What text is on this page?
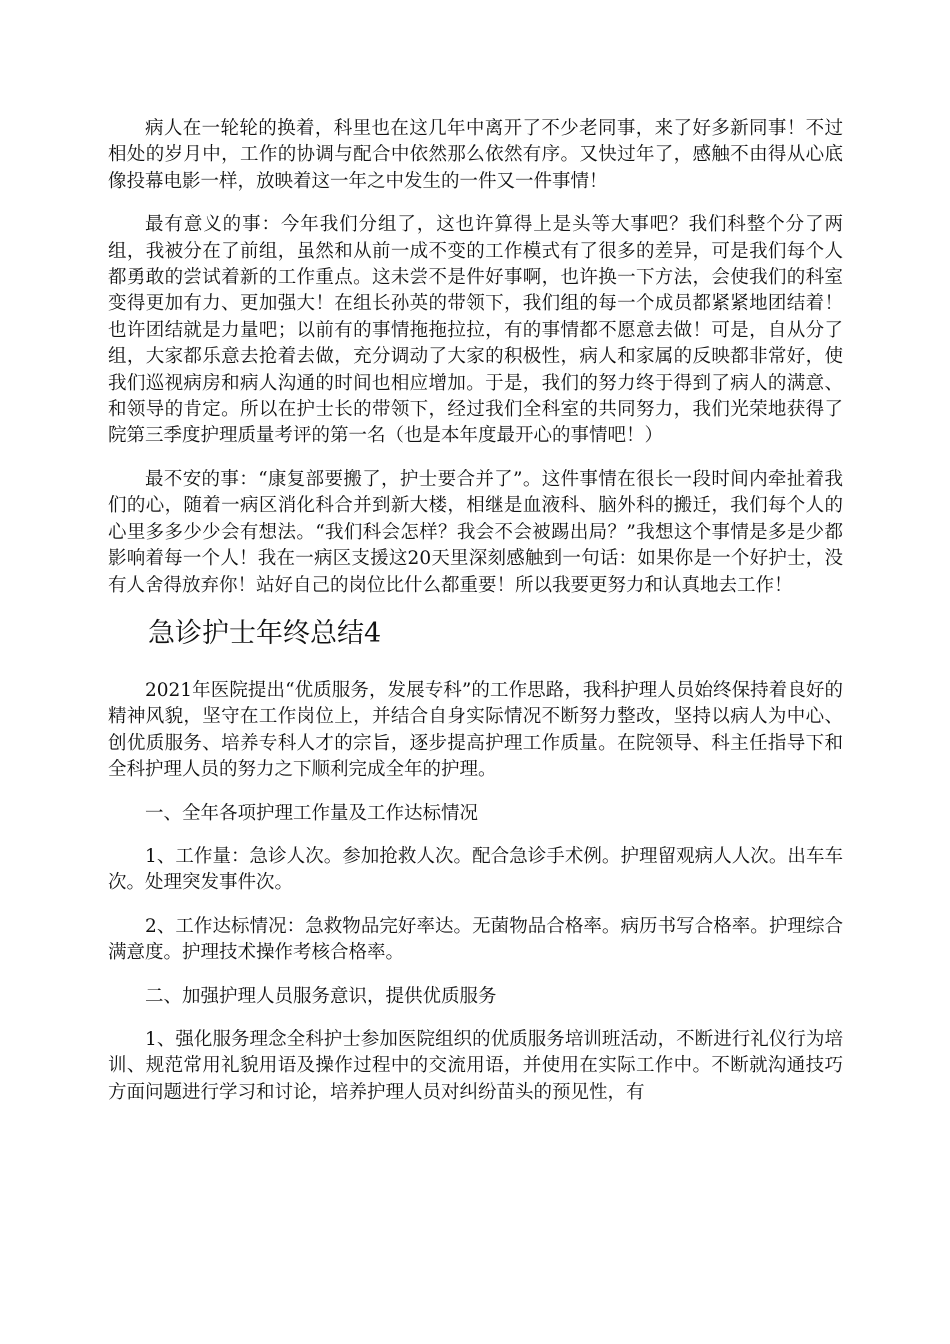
病人在一轮轮的换着，科里也在这几年中离开了不少老同事，来了好多新同事！不过相处的岁月中，工作的协调与配合中依然那么依然有序。又快过年了，感触不由得从心底像投幕电影一样，放映着这一年之中发生的一件又一件事情！

最有意义的事：今年我们分组了，这也许算得上是头等大事吧？我们科整个分了两组，我被分在了前组，虽然和从前一成不变的工作模式有了很多的差异，可是我们每个人都勇敢的尝试着新的工作重点。这未尝不是件好事啊，也许换一下方法，会使我们的科室变得更加有力、更加强大！在组长孙英的带领下，我们组的每一个成员都紧紧地团结着！也许团结就是力量吧；以前有的事情拖拖拉拉，有的事情都不愿意去做！可是，自从分了组，大家都乐意去抢着去做，充分调动了大家的积极性，病人和家属的反映都非常好，使我们巡视病房和病人沟通的时间也相应增加。于是，我们的努力终于得到了病人的满意、和领导的肯定。所以在护士长的带领下，经过我们全科室的共同努力，我们光荣地获得了院第三季度护理质量考评的第一名（也是本年度最开心的事情吧！）

最不安的事：“康复部要搬了，护士要合并了”。这件事情在很长一段时间内牵扯着我们的心，随着一病区消化科合并到新大楼，相继是血液科、脑外科的搬迁，我们每个人的心里多多少少会有想法。“我们科会怎样？我会不会被踢出局？”我想这个事情是多是少都影响着每一个人！我在一病区支援这20天里深刻感触到一句话：如果你是一个好护士，没有人舍得放弃你！站好自己的岗位比什么都重要！所以我要更努力和认真地去工作！

急诊护士年终总结4

2021年医院提出“优质服务，发展专科”的工作思路，我科护理人员始终保持着良好的精神风貌，坚守在工作岗位上，并结合自身实际情况不断努力整改，坚持以病人为中心、创优质服务、培养专科人才的宗旨，逐步提高护理工作质量。在院领导、科主任指导下和全科护理人员的努力之下顺利完成全年的护理。

一、全年各项护理工作量及工作达标情况

1、工作量：急诊人次。参加抢救人次。配合急诊手术例。护理留观病人人次。出车车次。处理突发事件次。

2、工作达标情况：急救物品完好率达。无菌物品合格率。病历书写合格率。护理综合满意度。护理技术操作考核合格率。

二、加强护理人员服务意识，提供优质服务

1、强化服务理念全科护士参加医院组织的优质服务培训班活动，不断进行礼仪行为培训、规范常用礼貌用语及操作过程中的交流用语，并使用在实际工作中。不断就沟通技巧方面问题进行学习和讨论，培养护理人员对纠纷苗头的预见性，有
